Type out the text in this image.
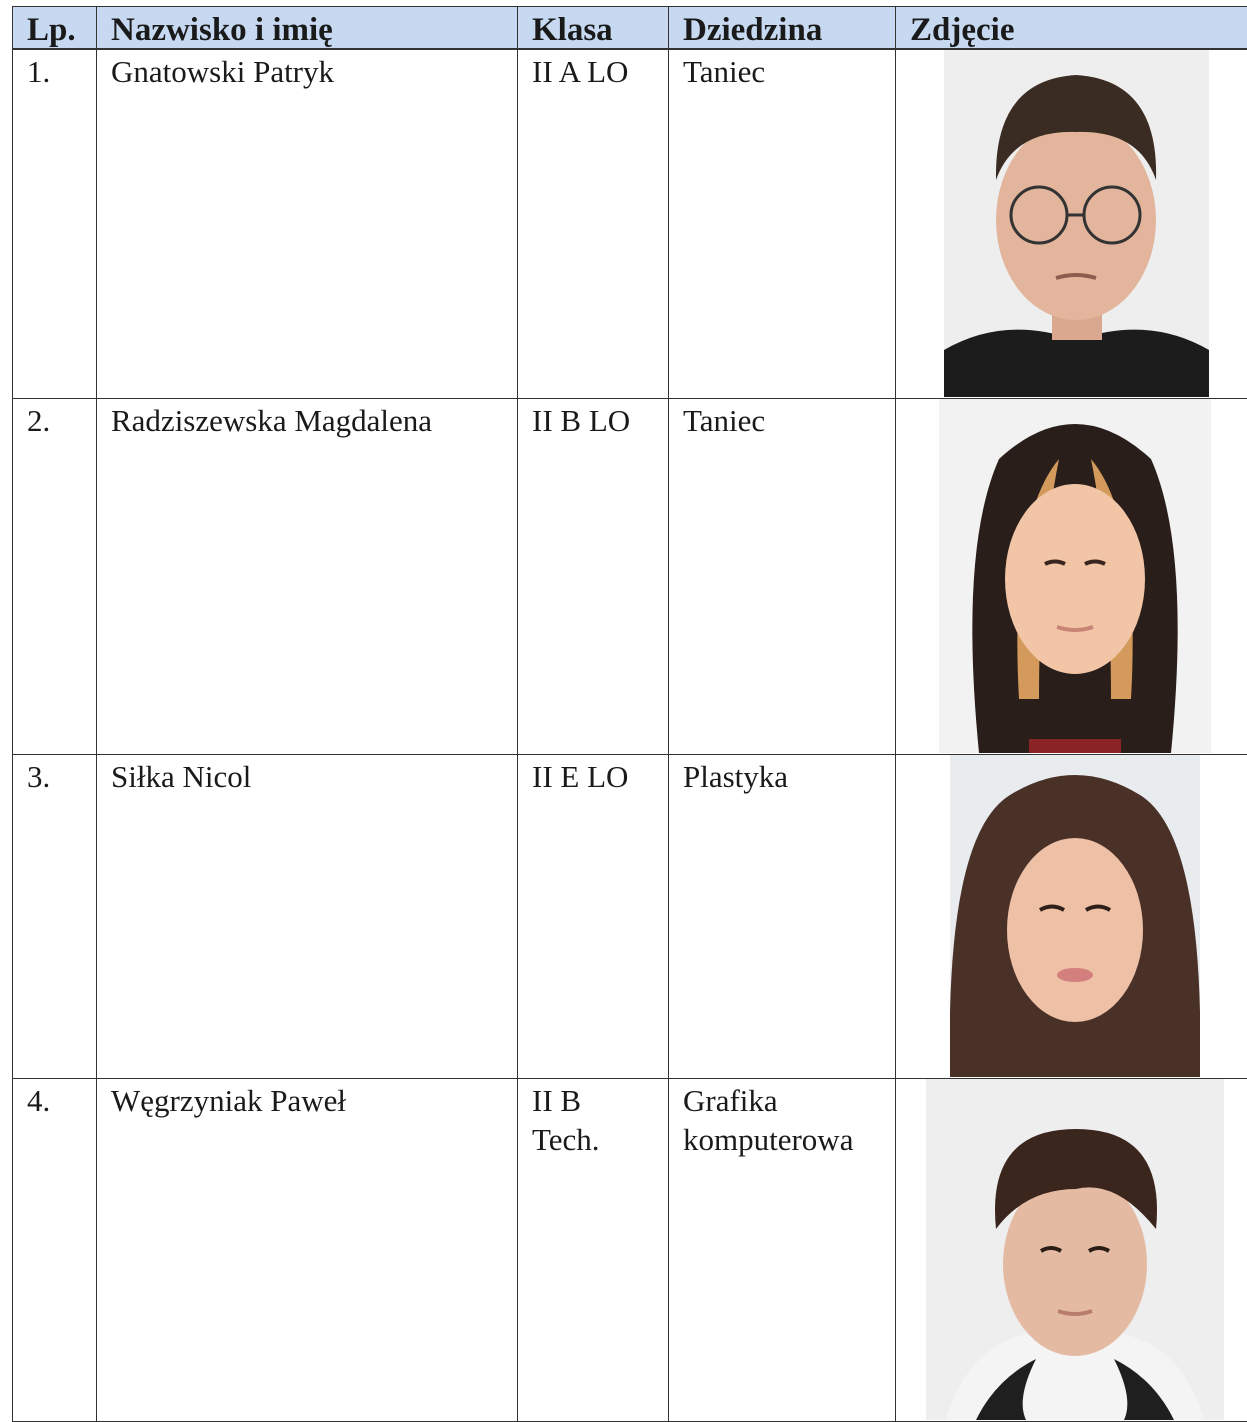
Lp.	Nazwisko i imię	Klasa	Dziedzina	Zdjęcie
1.	Gnatowski Patryk	II A LO	Taniec	

2.	Radziszewska Magdalena	II B LO	Taniec	

3.	Siłka Nicol	II E LO	Plastyka	

4.	Węgrzyniak Paweł	II B Tech.	Grafika komputerowa	
